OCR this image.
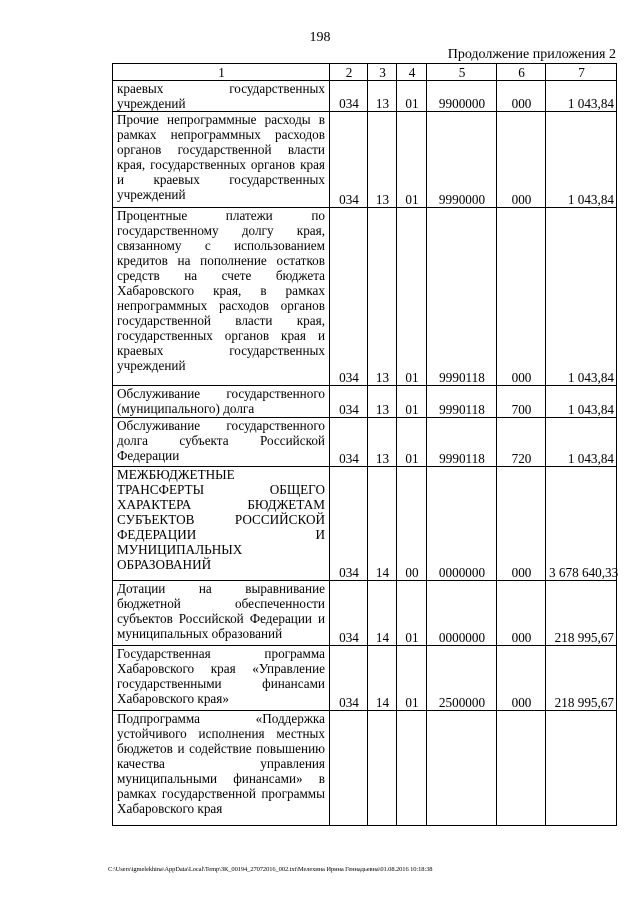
198
Продолжение приложения 2
1	2	3	4	5	6	7
краевых государственных учреждений	034	13	01	9900000	000	1 043,84
Прочие непрограммные расходы в рамках непрограммных расходов органов государственной власти края, государственных органов края и краевых государственных учреждений	034	13	01	9990000	000	1 043,84
Процентные платежи по государственному долгу края, связанному с использованием кредитов на пополнение остатков средств на счете бюджета Хабаровского края, в рамках непрограммных расходов органов государственной власти края, государственных органов края и краевых государственных учреждений	034	13	01	9990118	000	1 043,84
Обслуживание государственного (муниципального) долга	034	13	01	9990118	700	1 043,84
Обслуживание государственного долга субъекта Российской Федерации	034	13	01	9990118	720	1 043,84
МЕЖБЮДЖЕТНЫЕ ТРАНСФЕРТЫ ОБЩЕГО ХАРАКТЕРА БЮДЖЕТАМ СУБЪЕКТОВ РОССИЙСКОЙ ФЕДЕРАЦИИ И МУНИЦИПАЛЬНЫХ ОБРАЗОВАНИЙ	034	14	00	0000000	000	3 678 640,33
Дотации на выравнивание бюджетной обеспеченности субъектов Российской Федерации и муниципальных образований	034	14	01	0000000	000	218 995,67
Государственная программа Хабаровского края «Управление государственными финансами Хабаровского края»	034	14	01	2500000	000	218 995,67
Подпрограмма «Поддержка устойчивого исполнения местных бюджетов и содействие повышению качества управления муниципальными финансами» в рамках государственной программы Хабаровского края						
C:\Users\igmelekhina\AppData\Local\Temp\ЗК_00194_27072016_002.txt\Мелехина Ирина Геннадьевна\01.08.2016 10:18:38
